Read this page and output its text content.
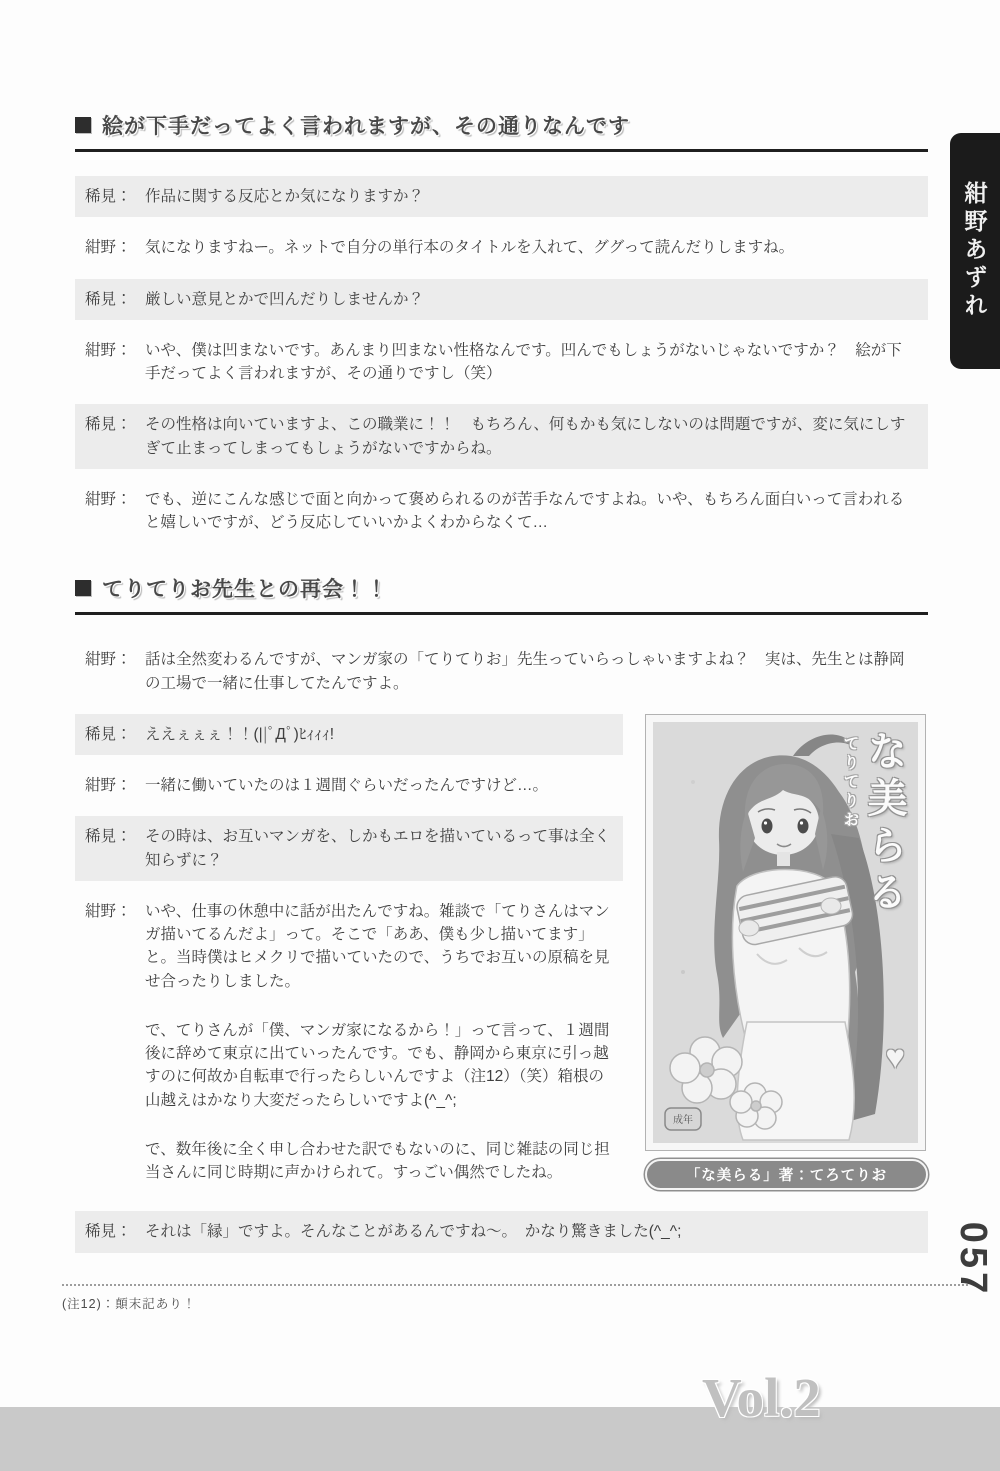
絵が下手だってよく言われますが、その通りなんです
稀見： 作品に関する反応とか気になりますか？
紺野： 気になりますねー。ネットで自分の単行本のタイトルを入れて、ググって読んだりしますね。
稀見： 厳しい意見とかで凹んだりしませんか？
紺野： いや、僕は凹まないです。あんまり凹まない性格なんです。凹んでもしょうがないじゃないですか？　絵が下手だってよく言われますが、その通りですし（笑）
稀見： その性格は向いていますよ、この職業に！！　もちろん、何もかも気にしないのは問題ですが、変に気にしすぎて止まってしまってもしょうがないですからね。
紺野： でも、逆にこんな感じで面と向かって褒められるのが苦手なんですよね。いや、もちろん面白いって言われると嬉しいですが、どう反応していいかよくわからなくて…
てりてりお先生との再会！！
紺野： 話は全然変わるんですが、マンガ家の「てりてりお」先生っていらっしゃいますよね？　実は、先生とは静岡の工場で一緒に仕事してたんですよ。
稀見： ええぇぇぇ！！(||ﾟДﾟ)ﾋｨｨｨ!
紺野： 一緒に働いていたのは１週間ぐらいだったんですけど…。
稀見： その時は、お互いマンガを、しかもエロを描いているって事は全く知らずに？
紺野： いや、仕事の休憩中に話が出たんですね。雑談で「てりさんはマンガ描いてるんだよ」って。そこで「ああ、僕も少し描いてます」と。当時僕はヒメクリで描いていたので、うちでお互いの原稿を見せ合ったりしました。

で、てりさんが「僕、マンガ家になるから！」って言って、１週間後に辞めて東京に出ていったんです。でも、静岡から東京に引っ越すのに何故か自転車で行ったらしいんですよ（注12）（笑）箱根の山越えはかなり大変だったらしいですよ(^_^;

で、数年後に全く申し合わせた訳でもないのに、同じ雑誌の同じ担当さんに同じ時期に声かけられて。すっごい偶然でしたね。

成年
な美らる
てりてりお
♥
「な美らる」著：てろてりお
稀見： それは「縁」ですよ。そんなことがあるんですね〜。　かなり驚きました(^_^;
紺野あずれ
057
(注12)：顛末記あり！
Vol.2
